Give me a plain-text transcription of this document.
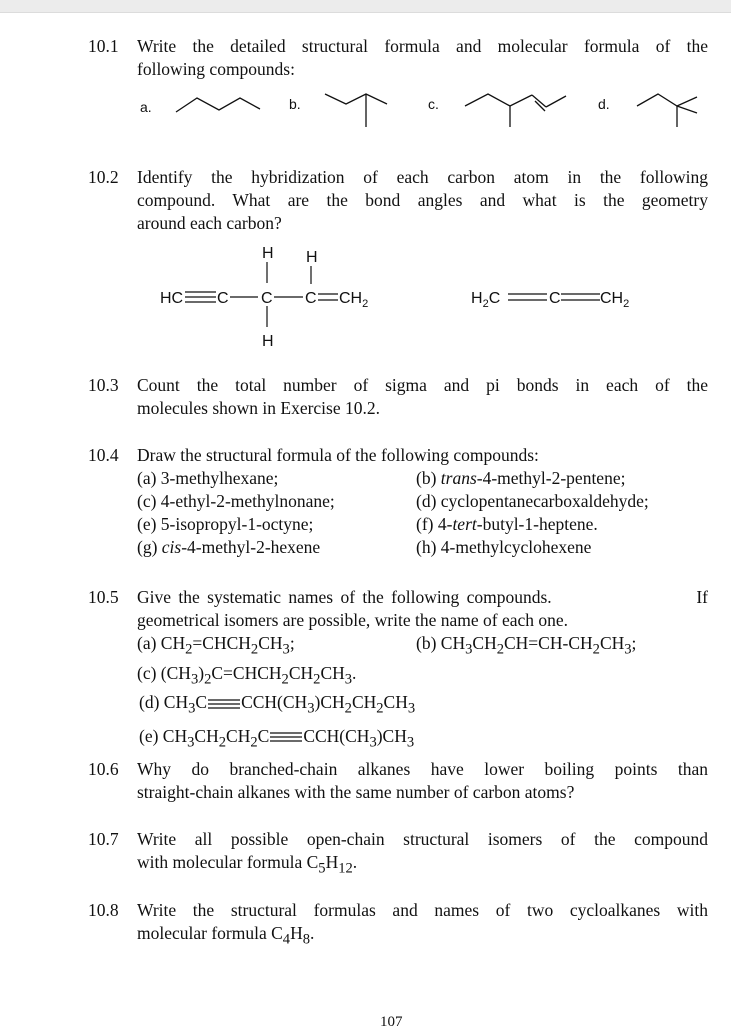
10.1 Write the detailed structural formula and molecular formula of the
following compounds:
a.	b.	c.	d.
10.2 Identify the hybridization of each carbon atom in the following
compound. What are the bond angles and what is the geometry
around each carbon?
HC C C C $CH_2$
H H
H
$H_2C$	C $CH_2$
10.3 Count the total number of sigma and pi bonds in each of the
molecules shown in Exercise 10.2.
10.4 Draw the structural formula of the following compounds:
(a) 3-methylhexane;	(b) trans-4-methyl-2-pentene;
(c) 4-ethyl-2-methylnonane;	(d) cyclopentanecarboxaldehyde;
(e) 5-isopropyl-1-octyne;	(f) 4-tert-butyl-1-heptene.
(g) cis-4-methyl-2-hexene	(h) 4-methylcyclohexene
10.5 Give the systematic names of the following compounds.	If
geometrical isomers are possible, write the name of each one.
(a) $CH_2=CHCH_2CH_3$;	(b) $CH_3CH_2CH=CH-CH_2CH_3$;
(c) $(CH_3)_2C=CHCH_2CH_2CH_3$.
(d) $CH_3C$ $CCH(CH_3)CH_2CH_2CH_3$
(e) $CH_3CH_2CH_2C$ $CCH(CH_3)CH_3$
10.6 Why do branched-chain alkanes have lower boiling points than
straight-chain alkanes with the same number of carbon atoms?
10.7 Write all possible open-chain structural isomers of the compound
with molecular formula $C_5H_{12}$.
10.8 Write the structural formulas and names of two cycloalkanes with
molecular formula $C_4H_8$.
107
